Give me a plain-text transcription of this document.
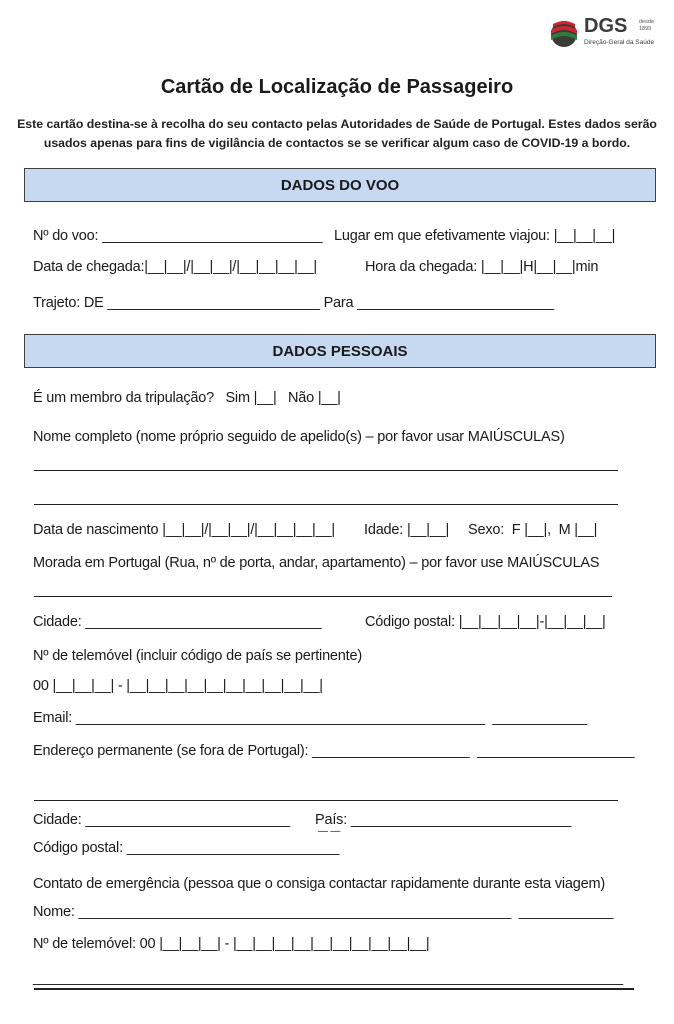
DGS desde
1899
Direção-Geral da Saúde
Cartão de Localização de Passageiro
Este cartão destina-se à recolha do seu contacto pelas Autoridades de Saúde de Portugal. Estes dados serão
usados apenas para fins de vigilância de contactos se se verificar algum caso de COVID-19 a bordo.
DADOS DO VOO
Nº do voo: ____________________________ Lugar em que efetivamente viajou: |__|__|__|
Data de chegada:|__|__|/|__|__|/|__|__|__|__|	Hora da chegada: |__|__|H|__|__|min
Trajeto: DE ___________________________ Para _________________________
DADOS PESSOAIS
É um membro da tripulação?   Sim |__|   Não |__|
Nome completo (nome próprio seguido de apelido(s) – por favor usar MAIÚSCULAS)
Data de nascimento |__|__|/|__|__|/|__|__|__|__| Idade: |__|__| Sexo:  F |__|,  M |__|
Morada em Portugal (Rua, nº de porta, andar, apartamento) – por favor use MAIÚSCULAS
Cidade: ______________________________	Código postal: |__|__|__|__|-|__|__|__|
Nº de telemóvel (incluir código de país se pertinente)
00 |__|__|__| - |__|__|__|__|__|__|__|__|__|__|
Email: ____________________________________________________  ____________
Endereço permanente (se fora de Portugal): ____________________  ____________________
Cidade: __________________________ País: ____________________________
— —
Código postal: ___________________________
Contato de emergência (pessoa que o consiga contactar rapidamente durante esta viagem)
Nome: _______________________________________________________  ____________
Nº de telemóvel: 00 |__|__|__| - |__|__|__|__|__|__|__|__|__|__|
___________________________________________________________________________
